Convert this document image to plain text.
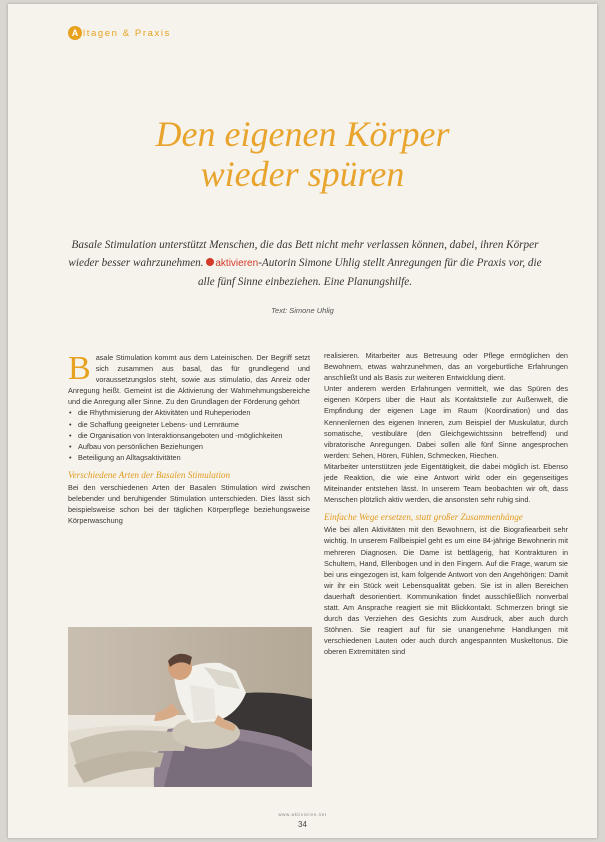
A ltagen & Praxis
Den eigenen Körper
wieder spüren

Basale Stimulation unterstützt Menschen, die das Bett nicht mehr verlassen können, dabei, ihren Körper wieder besser wahrzunehmen. aktivieren-Autorin Simone Uhlig stellt Anregungen für die Praxis vor, die alle fünf Sinne einbeziehen. Eine Planungshilfe.

Text: Simone Uhlig

Basale Stimulation kommt aus dem Lateinischen. Der Begriff setzt sich zusammen aus basal, das für grundlegend und voraussetzungslos steht, sowie aus stimulatio, das Anreiz oder Anregung heißt. Gemeint ist die Aktivierung der Wahrnehmungsbereiche und die Anregung aller Sinne. Zu den Grundlagen der Förderung gehört

• die Rhythmisierung der Aktivitäten und Ruheperioden
• die Schaffung geeigneter Lebens- und Lernräume
• die Organisation von Interaktionsangeboten und -möglichkeiten
• Aufbau von persönlichen Beziehungen
• Beteiligung an Alltagsaktivitäten
Verschiedene Arten der Basalen Stimulation

Bei den verschiedenen Arten der Basalen Stimulation wird zwischen belebender und beruhigender Stimulation unterschieden. Dies lässt sich beispielsweise schon bei der täglichen Körperpflege beziehungsweise Körperwaschung

realisieren. Mitarbeiter aus Betreuung oder Pflege ermöglichen den Bewohnern, etwas wahrzunehmen, das an vorgeburtliche Erfahrungen anschließt und als Basis zur weiteren Entwicklung dient.

Unter anderem werden Erfahrungen vermittelt, wie das Spüren des eigenen Körpers über die Haut als Kontaktstelle zur Außenwelt, die Empfindung der eigenen Lage im Raum (Koordination) und das Kennenlernen des eigenen Inneren, zum Beispiel der Muskulatur, durch somatische, vestibuläre (den Gleichgewichtssinn betreffend) und vibratorische Anregungen. Dabei sollen alle fünf Sinne angesprochen werden: Sehen, Hören, Fühlen, Schmecken, Riechen.

Mitarbeiter unterstützen jede Eigentätigkeit, die dabei möglich ist. Ebenso jede Reaktion, die wie eine Antwort wirkt oder ein gegenseitiges Miteinander entstehen lässt. In unserem Team beobachten wir oft, dass Menschen plötzlich aktiv werden, die ansonsten sehr ruhig sind.

Einfache Wege ersetzen, statt großer Zusammenhänge

Wie bei allen Aktivitäten mit den Bewohnern, ist die Biografiearbeit sehr wichtig. In unserem Fallbeispiel geht es um eine 84-jährige Bewohnerin mit mehreren Diagnosen. Die Dame ist bettlägerig, hat Kontrakturen in Schultern, Hand, Ellenbogen und in den Fingern. Auf die Frage, warum sie bei uns eingezogen ist, kam folgende Antwort von den Angehörigen: Damit wir ihr ein Stück weit Lebensqualität geben. Sie ist in allen Bereichen dauerhaft desorientiert. Kommunikation findet ausschließlich nonverbal statt. Am Ansprache reagiert sie mit Blickkontakt. Schmerzen bringt sie durch das Verziehen des Gesichts zum Ausdruck, aber auch durch Stöhnen. Sie reagiert auf für sie unangenehme Handlungen mit verschiedenen Lauten oder auch durch angespannten Muskeltonus. Die oberen Extremitäten sind

www.aktivieren.net
34
